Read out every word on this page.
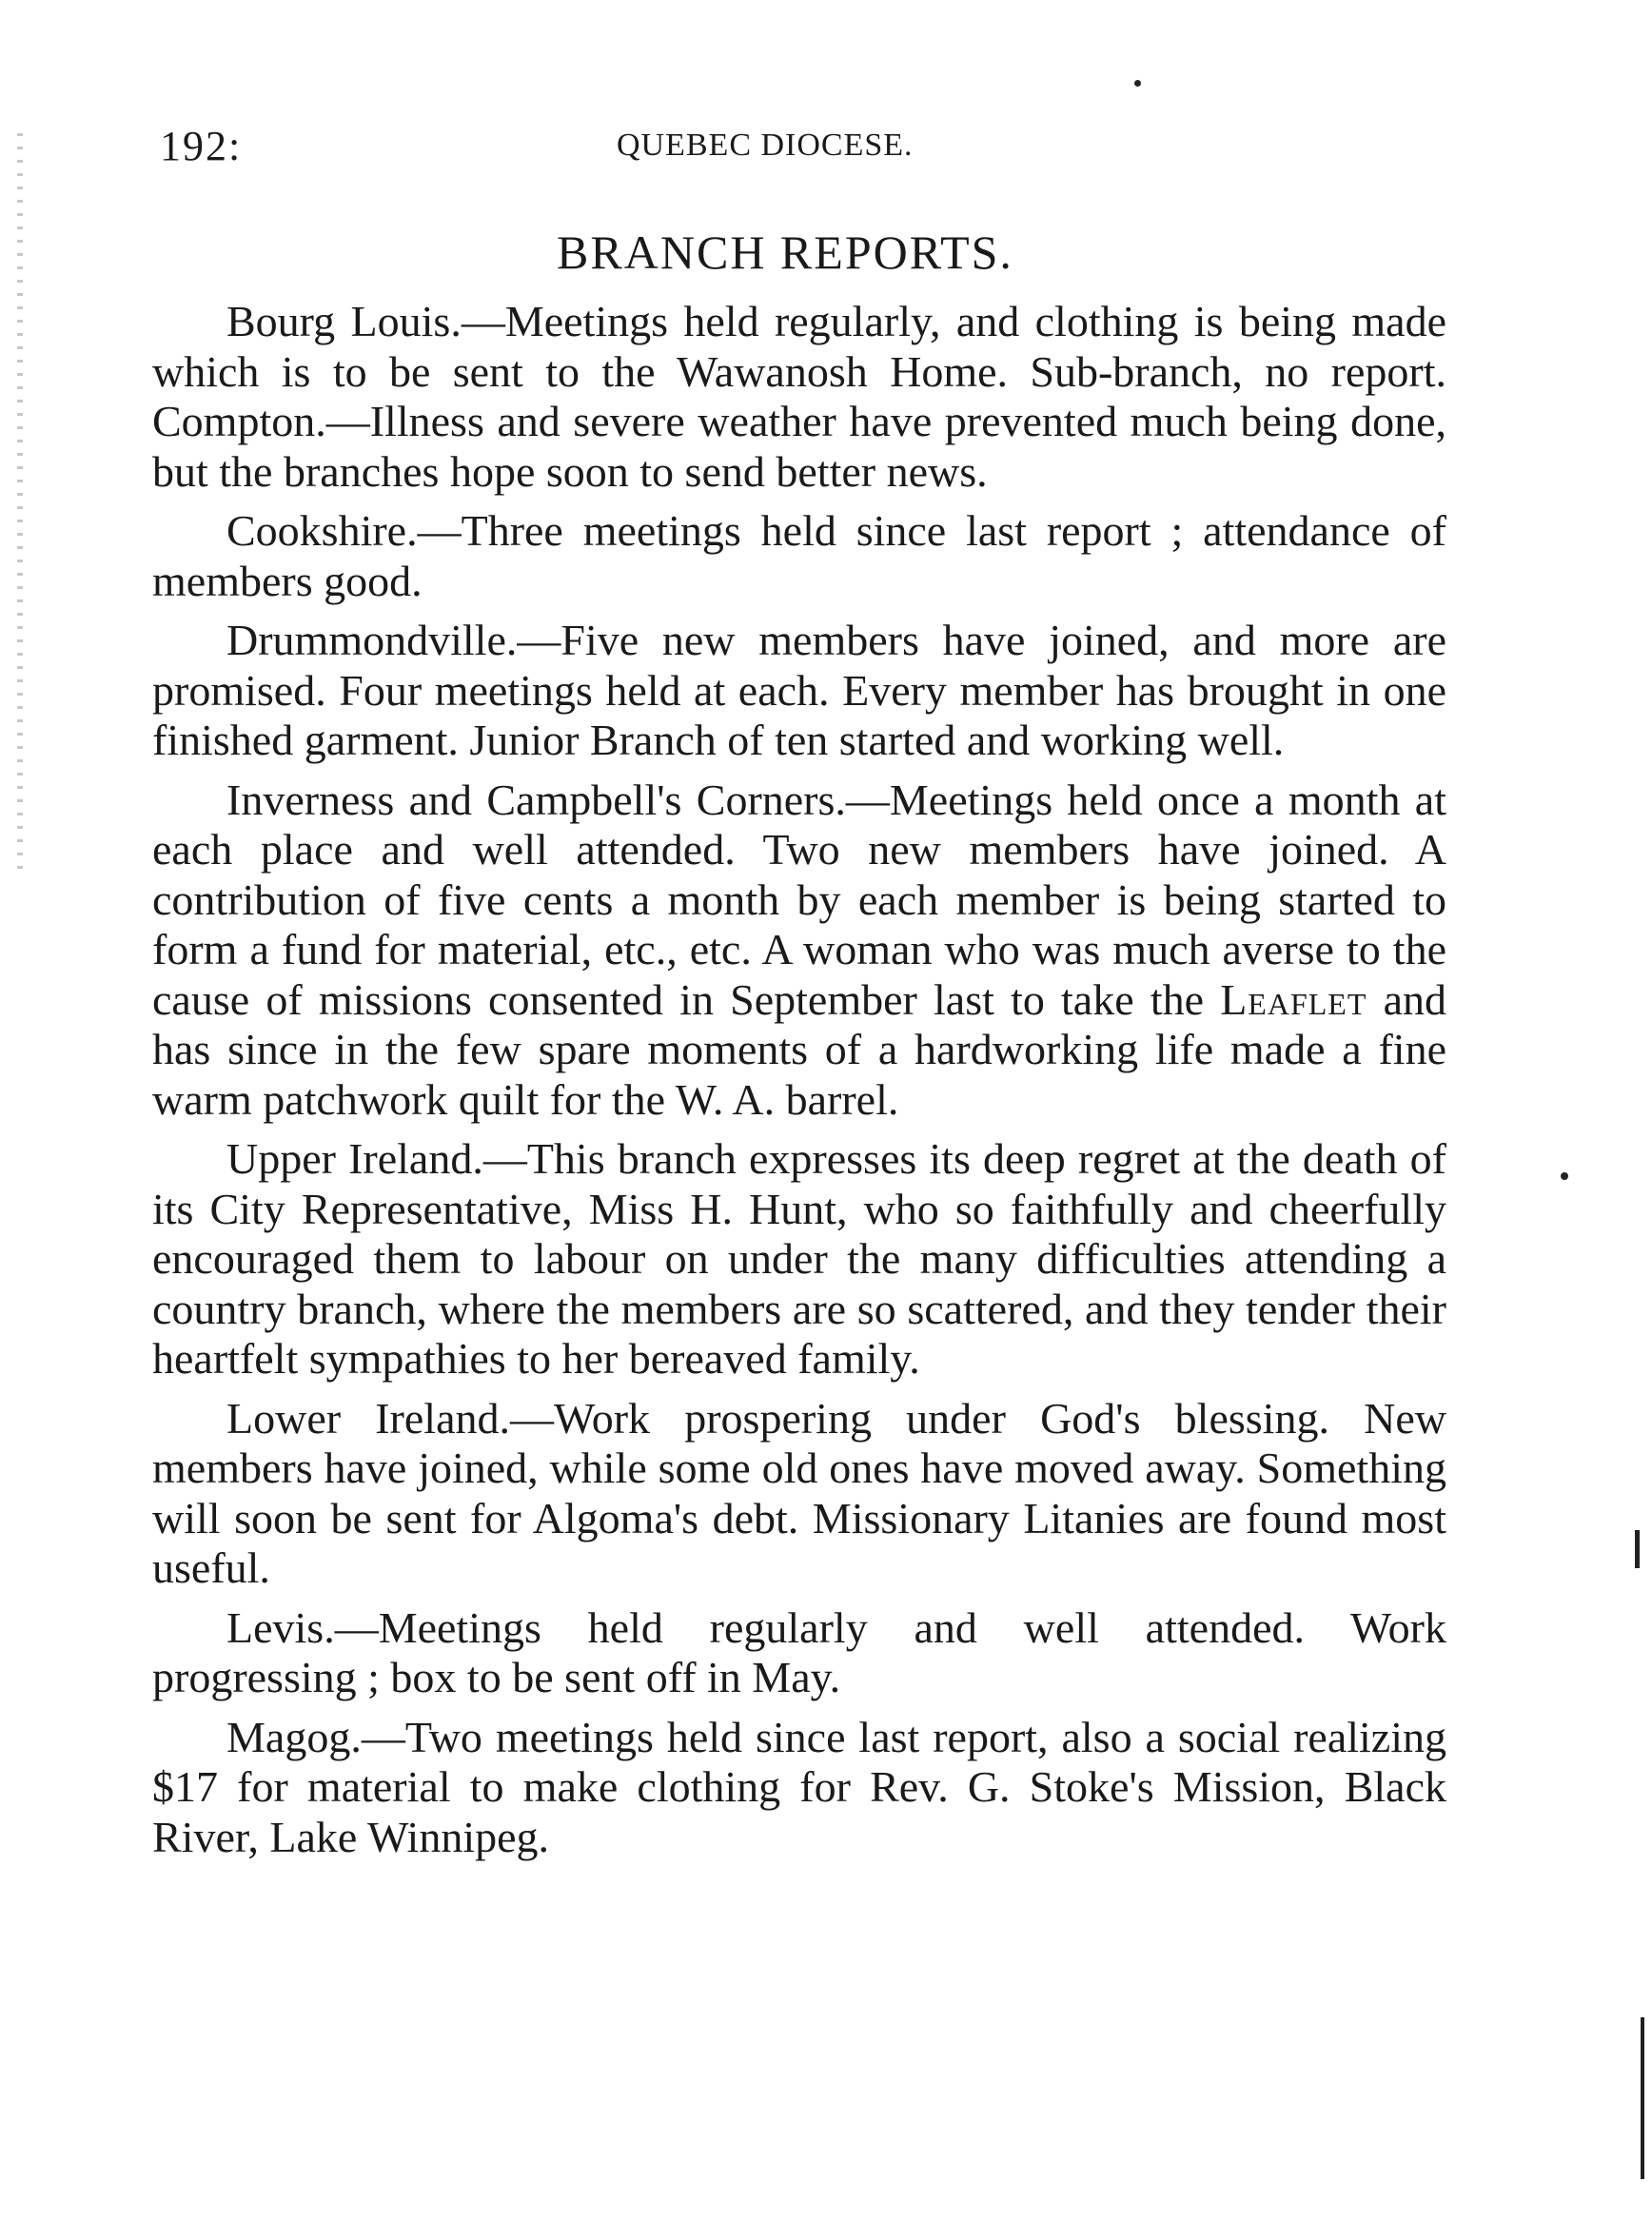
192:	QUEBEC DIOCESE.
BRANCH REPORTS.

Bourg Louis.—Meetings held regularly, and clothing is being made which is to be sent to the Wawanosh Home. Sub-branch, no report. Compton.—Illness and severe weather have prevented much being done, but the branches hope soon to send better news.

Cookshire.—Three meetings held since last report ; attendance of members good.

Drummondville.—Five new members have joined, and more are promised. Four meetings held at each. Every member has brought in one finished garment. Junior Branch of ten started and working well.

Inverness and Campbell's Corners.—Meetings held once a month at each place and well attended. Two new members have joined. A contribution of five cents a month by each member is being started to form a fund for material, etc., etc. A woman who was much averse to the cause of missions consented in September last to take the Leaflet and has since in the few spare moments of a hardworking life made a fine warm patchwork quilt for the W. A. barrel.

Upper Ireland.—This branch expresses its deep regret at the death of its City Representative, Miss H. Hunt, who so faithfully and cheerfully encouraged them to labour on under the many difficulties attending a country branch, where the members are so scattered, and they tender their heartfelt sympathies to her bereaved family.

Lower Ireland.—Work prospering under God's blessing. New members have joined, while some old ones have moved away. Something will soon be sent for Algoma's debt. Missionary Litanies are found most useful.

Levis.—Meetings held regularly and well attended. Work progressing ; box to be sent off in May.

Magog.—Two meetings held since last report, also a social realizing $17 for material to make clothing for Rev. G. Stoke's Mission, Black River, Lake Winnipeg.
